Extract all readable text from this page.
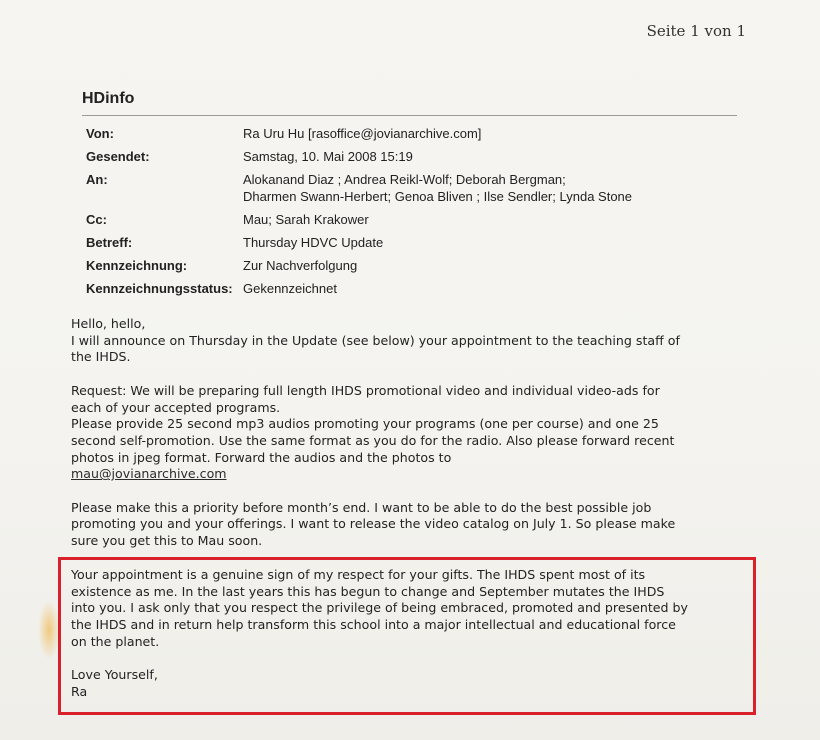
Seite 1 von 1
HDinfo
Von:	Ra Uru Hu [rasoffice@jovianarchive.com]
Gesendet:	Samstag, 10. Mai 2008 15:19
An:	Alokanand Diaz ; Andrea Reikl-Wolf; Deborah Bergman;
Dharmen Swann-Herbert; Genoa Bliven ; Ilse Sendler; Lynda Stone
Cc:	Mau; Sarah Krakower
Betreff:	Thursday HDVC Update
Kennzeichnung:	Zur Nachverfolgung
Kennzeichnungsstatus: Gekennzeichnet

Hello, hello,
I will announce on Thursday in the Update (see below) your appointment to the teaching staff of
the IHDS.

Request: We will be preparing full length IHDS promotional video and individual video-ads for
each of your accepted programs.
Please provide 25 second mp3 audios promoting your programs (one per course) and one 25
second self-promotion. Use the same format as you do for the radio. Also please forward recent
photos in jpeg format. Forward the audios and the photos to

mau@jovianarchive.com

Please make this a priority before month’s end. I want to be able to do the best possible job
promoting you and your offerings. I want to release the video catalog on July 1. So please make
sure you get this to Mau soon.

Your appointment is a genuine sign of my respect for your gifts. The IHDS spent most of its
existence as me. In the last years this has begun to change and September mutates the IHDS
into you. I ask only that you respect the privilege of being embraced, promoted and presented by
the IHDS and in return help transform this school into a major intellectual and educational force
on the planet.

Love Yourself,
Ra
